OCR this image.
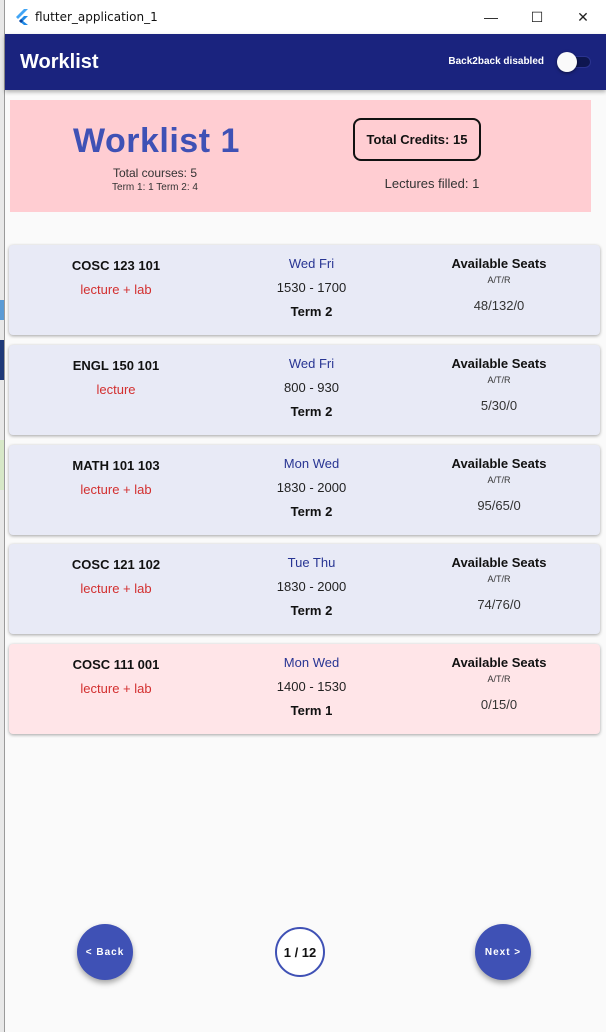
flutter_application_1	— ☐ ✕
Worklist	Back2back disabled
Worklist 1
Total courses: 5
Term 1: 1 Term 2: 4
Total Credits: 15
Lectures filled: 1
COSC 123 101
lecture + lab
Wed Fri
1530 - 1700
Term 2
Available Seats
A/T/R
48/132/0
ENGL 150 101
lecture
Wed Fri
800 - 930
Term 2
Available Seats
A/T/R
5/30/0
MATH 101 103
lecture + lab
Mon Wed
1830 - 2000
Term 2
Available Seats
A/T/R
95/65/0
COSC 121 102
lecture + lab
Tue Thu
1830 - 2000
Term 2
Available Seats
A/T/R
74/76/0
COSC 111 001
lecture + lab
Mon Wed
1400 - 1530
Term 1
Available Seats
A/T/R
0/15/0
< Back	1 / 12	Next >
